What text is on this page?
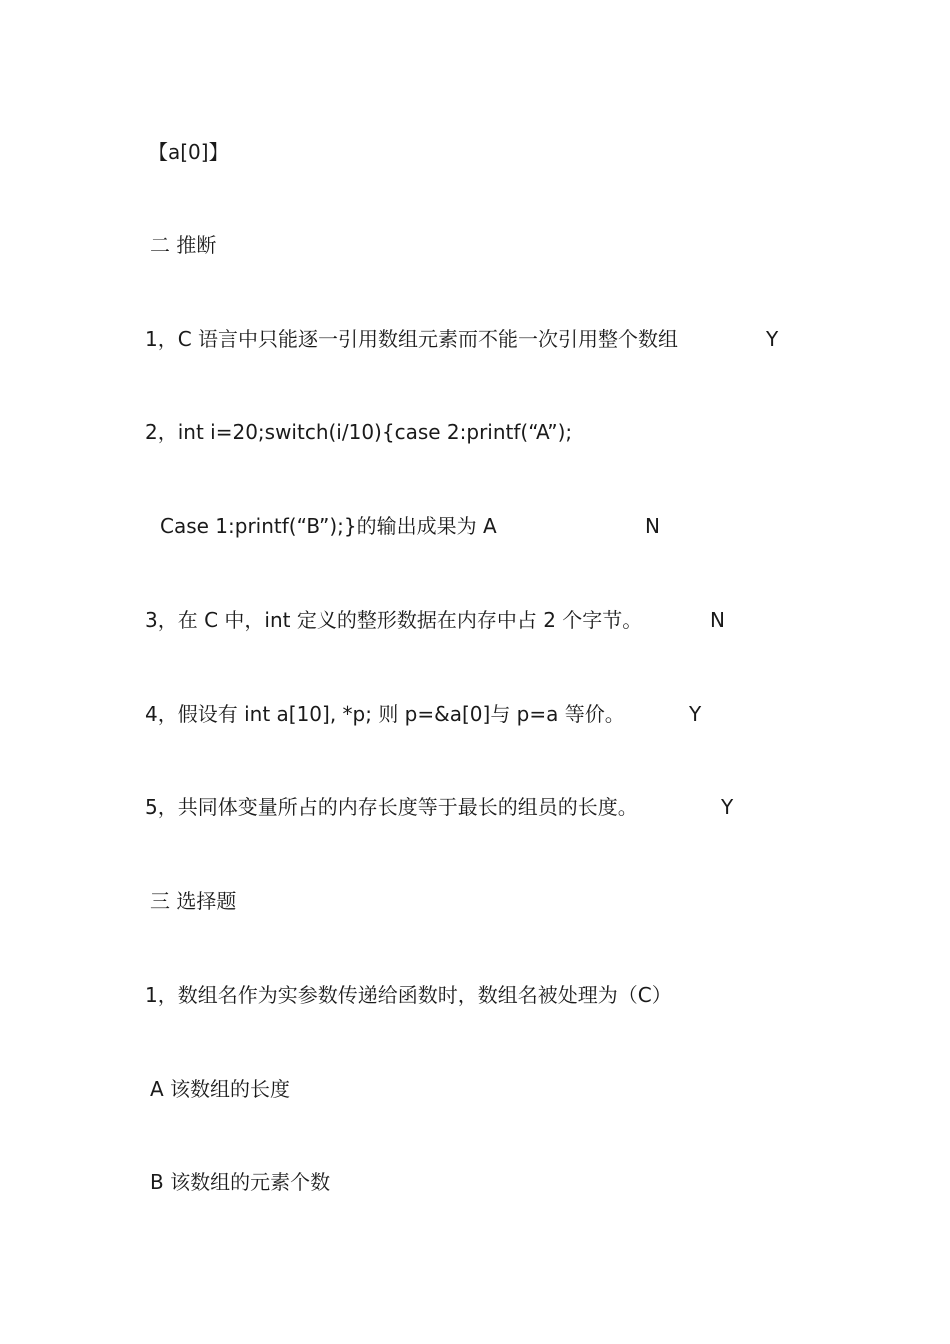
【a[0]】
二 推断
1，C 语言中只能逐一引用数组元素而不能一次引用整个数组	Y
2，int i=20;switch(i/10){case 2:printf(“A”);
Case 1:printf(“B”);}的输出成果为 A	N
3，在 C 中，int 定义的整形数据在内存中占 2 个字节。	N
4，假设有 int a[10], *p; 则 p=&a[0]与 p=a 等价。	Y
5，共同体变量所占的内存长度等于最长的组员的长度。	Y
三 选择题
1，数组名作为实参数传递给函数时，数组名被处理为（C）
A 该数组的长度
B 该数组的元素个数
